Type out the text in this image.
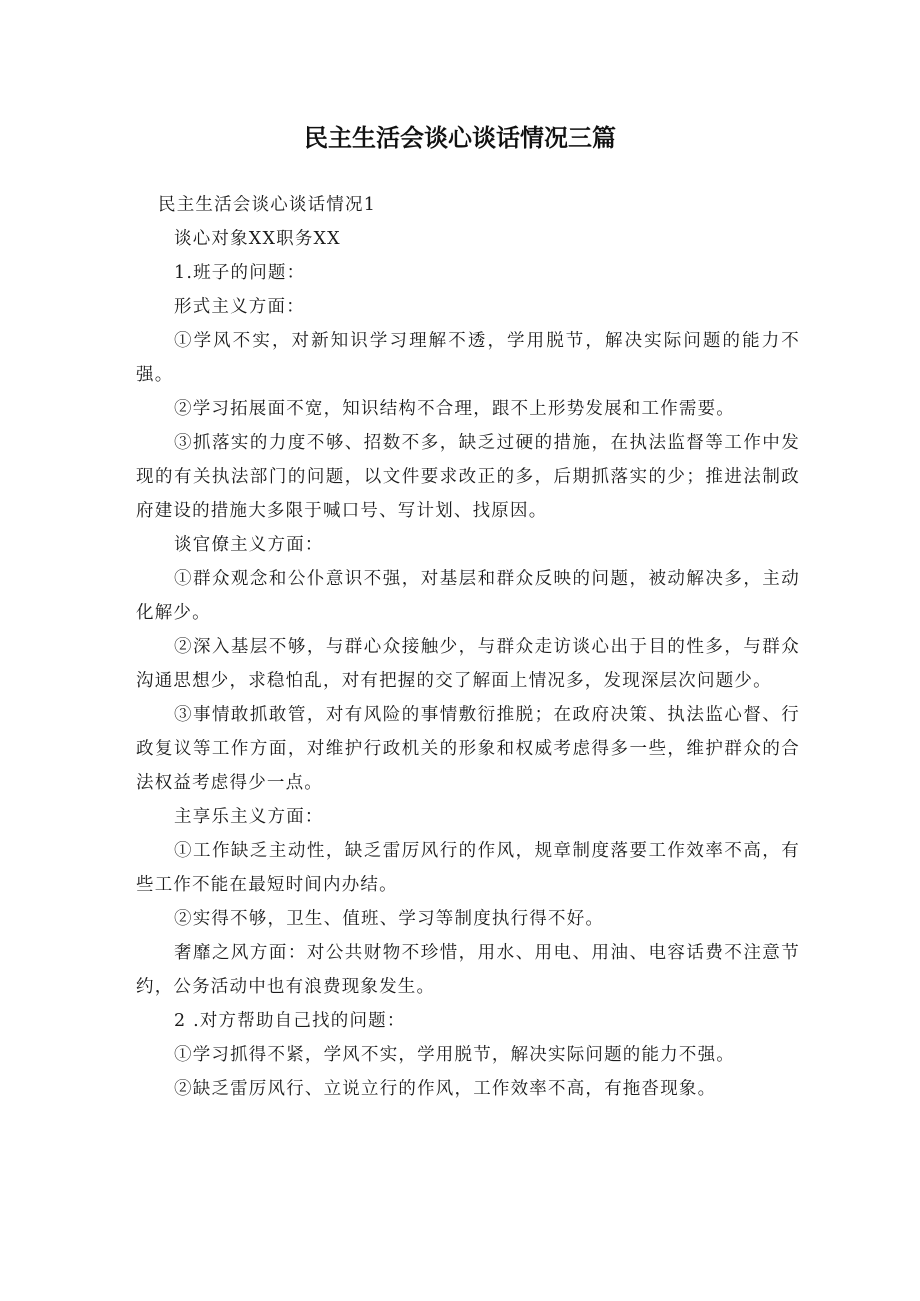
民主生活会谈心谈话情况三篇

民主生活会谈心谈话情况1

谈心对象XX职务XX

1.班子的问题：

形式主义方面：

①学风不实，对新知识学习理解不透，学用脱节，解决实际问题的能力不强。

②学习拓展面不宽，知识结构不合理，跟不上形势发展和工作需要。

③抓落实的力度不够、招数不多，缺乏过硬的措施，在执法监督等工作中发现的有关执法部门的问题，以文件要求改正的多，后期抓落实的少；推进法制政府建设的措施大多限于喊口号、写计划、找原因。

谈官僚主义方面：

①群众观念和公仆意识不强，对基层和群众反映的问题，被动解决多，主动化解少。

②深入基层不够，与群心众接触少，与群众走访谈心出于目的性多，与群众沟通思想少，求稳怕乱，对有把握的交了解面上情况多，发现深层次问题少。

③事情敢抓敢管，对有风险的事情敷衍推脱；在政府决策、执法监心督、行政复议等工作方面，对维护行政机关的形象和权威考虑得多一些，维护群众的合法权益考虑得少一点。

主享乐主义方面：

①工作缺乏主动性，缺乏雷厉风行的作风，规章制度落要工作效率不高，有些工作不能在最短时间内办结。

②实得不够，卫生、值班、学习等制度执行得不好。

奢靡之风方面：对公共财物不珍惜，用水、用电、用油、电容话费不注意节约，公务活动中也有浪费现象发生。

2 .对方帮助自己找的问题：

①学习抓得不紧，学风不实，学用脱节，解决实际问题的能力不强。

②缺乏雷厉风行、立说立行的作风，工作效率不高，有拖沓现象。
